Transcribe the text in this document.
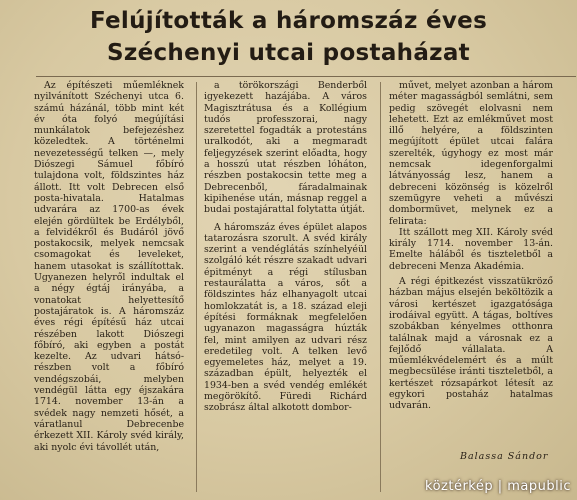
Felújították a háromszáz éves
Széchenyi utcai postaházat

Az építészeti műemléknek nyilvánított Széchenyi utca 6. számú házánál, több mint két év óta folyó megújítási munkálatok befejezéshez közeledtek. A történelmi nevezetességű telken —, mely Diószegi Sámuel főbíró tulajdona volt, földszintes ház állott. Itt volt Debrecen első posta-hivatala. Hatalmas udvarára az 1700-as évek elején gördültek be Erdélyből, a felvidékről és Budáról jövő postakocsik, melyek nemcsak csomagokat és leveleket, hanem utasokat is szállítottak. Ugyanezen helyről indultak el a négy égtáj irányába, a vonatokat helyettesítő postajáratok is. A háromszáz éves régi építésű ház utcai részében lakott Diószegi főbíró, aki egyben a postát kezelte. Az udvari hátsó-részben volt a főbíró vendégszobái, melyben vendégül látta egy éjszakára 1714. november 13-án a svédek nagy nemzeti hősét, a váratlanul Debrecenbe érkezett XII. Károly svéd király, aki nyolc évi távollét után,

a törökországi Benderből igyekezett hazájába. A város Magisztrátusa és a Kollégium tudós professzorai, nagy szeretettel fogadták a protestáns uralkodót, aki a megmaradt feljegyzések szerint előadta, hogy a hosszú utat részben lóháton, részben postakocsin tette meg a Debrecenből, fáradalmainak kipihenése után, másnap reggel a budai postajárattal folytatta útját.

A háromszáz éves épület alapos tatarozásra szorult. A svéd király szerint a vendéglátás színhelyéül szolgáló két részre szakadt udvari épitményt a régi stílusban restaurálatta a város, sőt a földszintes ház elhanyagolt utcai homlokzatát is, a 18. század eleji építési formáknak megfelelően ugyanazon magasságra húzták fel, mint amilyen az udvari rész eredetileg volt. A telken levő egyemeletes ház, melyet a 19. században épült, helyezték el 1934-ben a svéd vendég emlékét megörökítő. Füredi Richárd szobrász által alkotott dombor-

művet, melyet azonban a három méter magasságból semlátni, sem pedig szövegét elolvasni nem lehetett. Ezt az emlékművet most illő helyére, a földszinten megújított épület utcai falára szerelték, úgyhogy ez most már nemcsak idegenforgalmi látványosság lesz, hanem a debreceni közönség is közelről szemügyre veheti a művészi dombormüvet, melynek ez a felirata:

Itt szállott meg XII. Károly svéd király 1714. november 13-án. Emelte háláből és tiszteletből a debreceni Menza Akadémia.

A régi épitkezést visszatükröző házban május elsején beköltözik a városi kertészet igazgatósága irodáival együtt. A tágas, boltíves szobákban kényelmes otthonra találnak majd a városnak ez a fejlődő vállalata. A műemlékvédelemért és a múlt megbecsülése iránti tiszteletből, a kertészet rózsapárkot létesít az egykori postaház hatalmas udvarán.

Balassa Sándor
köztérkép | mapublic
